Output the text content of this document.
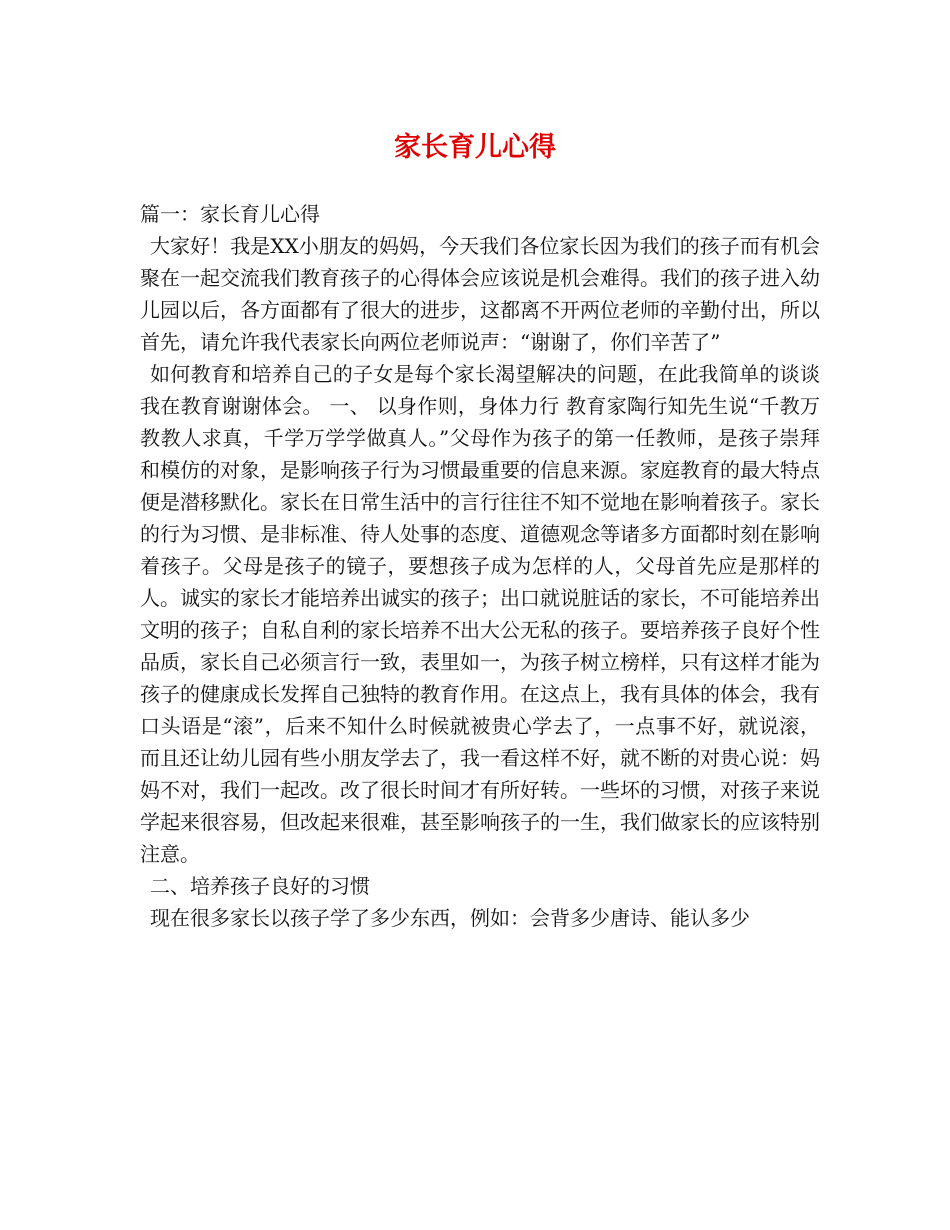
家长育儿心得

篇一：家长育儿心得

大家好！我是XX小朋友的妈妈，今天我们各位家长因为我们的孩子而有机会聚在一起交流我们教育孩子的心得体会应该说是机会难得。我们的孩子进入幼儿园以后，各方面都有了很大的进步，这都离不开两位老师的辛勤付出，所以首先，请允许我代表家长向两位老师说声：“谢谢了，你们辛苦了”

如何教育和培养自己的子女是每个家长渴望解决的问题，在此我简单的谈谈我在教育谢谢体会。 一、 以身作则，身体力行 教育家陶行知先生说“千教万教教人求真，千学万学学做真人。”父母作为孩子的第一任教师，是孩子崇拜和模仿的对象，是影响孩子行为习惯最重要的信息来源。家庭教育的最大特点便是潜移默化。家长在日常生活中的言行往往不知不觉地在影响着孩子。家长的行为习惯、是非标准、待人处事的态度、道德观念等诸多方面都时刻在影响着孩子。父母是孩子的镜子，要想孩子成为怎样的人，父母首先应是那样的人。诚实的家长才能培养出诚实的孩子；出口就说脏话的家长，不可能培养出文明的孩子；自私自利的家长培养不出大公无私的孩子。要培养孩子良好个性品质，家长自己必须言行一致，表里如一，为孩子树立榜样，只有这样才能为孩子的健康成长发挥自己独特的教育作用。在这点上，我有具体的体会，我有口头语是“滚”，后来不知什么时候就被贵心学去了，一点事不好，就说滚，而且还让幼儿园有些小朋友学去了，我一看这样不好，就不断的对贵心说：妈妈不对，我们一起改。改了很长时间才有所好转。一些坏的习惯，对孩子来说学起来很容易，但改起来很难，甚至影响孩子的一生，我们做家长的应该特别注意。

二、培养孩子良好的习惯

现在很多家长以孩子学了多少东西，例如：会背多少唐诗、能认多少
